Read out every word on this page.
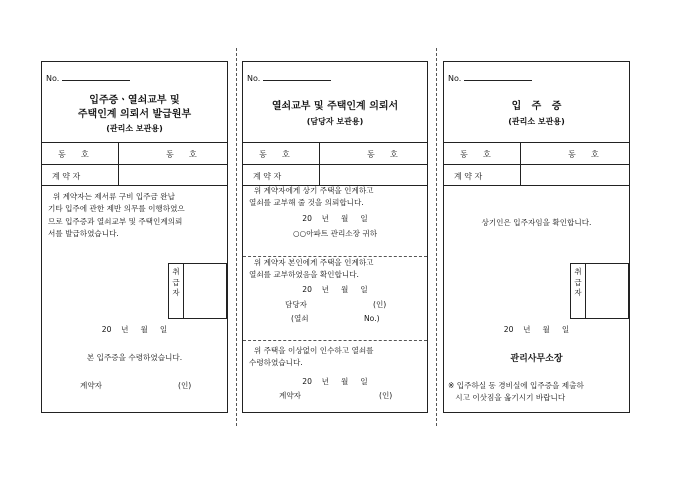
No.
입주증ㆍ열쇠교부 및
주택인계 의뢰서 발급원부
(관리소 보관용)
동      호	동      호
계 약 자
위 계약자는 제서류 구비 입주금 완납
기타 입주에 관한 제반 의무를 이행하였으
므로 입주증과 열쇠교부 및 주택인계의뢰
서를 발급하였습니다.
취급자
20    년     월     일
본 입주증을 수령하였습니다.
계약자	(인)
No.
열쇠교부 및 주택인계 의뢰서
(담당자 보관용)
동      호	동      호
계 약 자
위 계약자에게 상기 주택을 인계하고
열쇠를 교부해 줄 것을 의뢰합니다.
20    년     월     일
○○아파트 관리소장 귀하
위 계약자 본인에게 주택을 인계하고
열쇠를 교부하였음을 확인합니다.
20    년     월     일
담당자	(인)
(열쇠	No.)
위 주택을 이상없이 인수하고 열쇠를
수령하였습니다.
20    년     월     일
계약자	(인)
No.
입   주   증
(관리소 보관용)
동      호	동      호
계 약 자
상기인은 입주자임을 확인합니다.
취급자
20    년     월     일
관리사무소장
※ 입주하실 동 경비실에 입주증을 제출하
시고 이삿짐을 옮기시기 바랍니다
